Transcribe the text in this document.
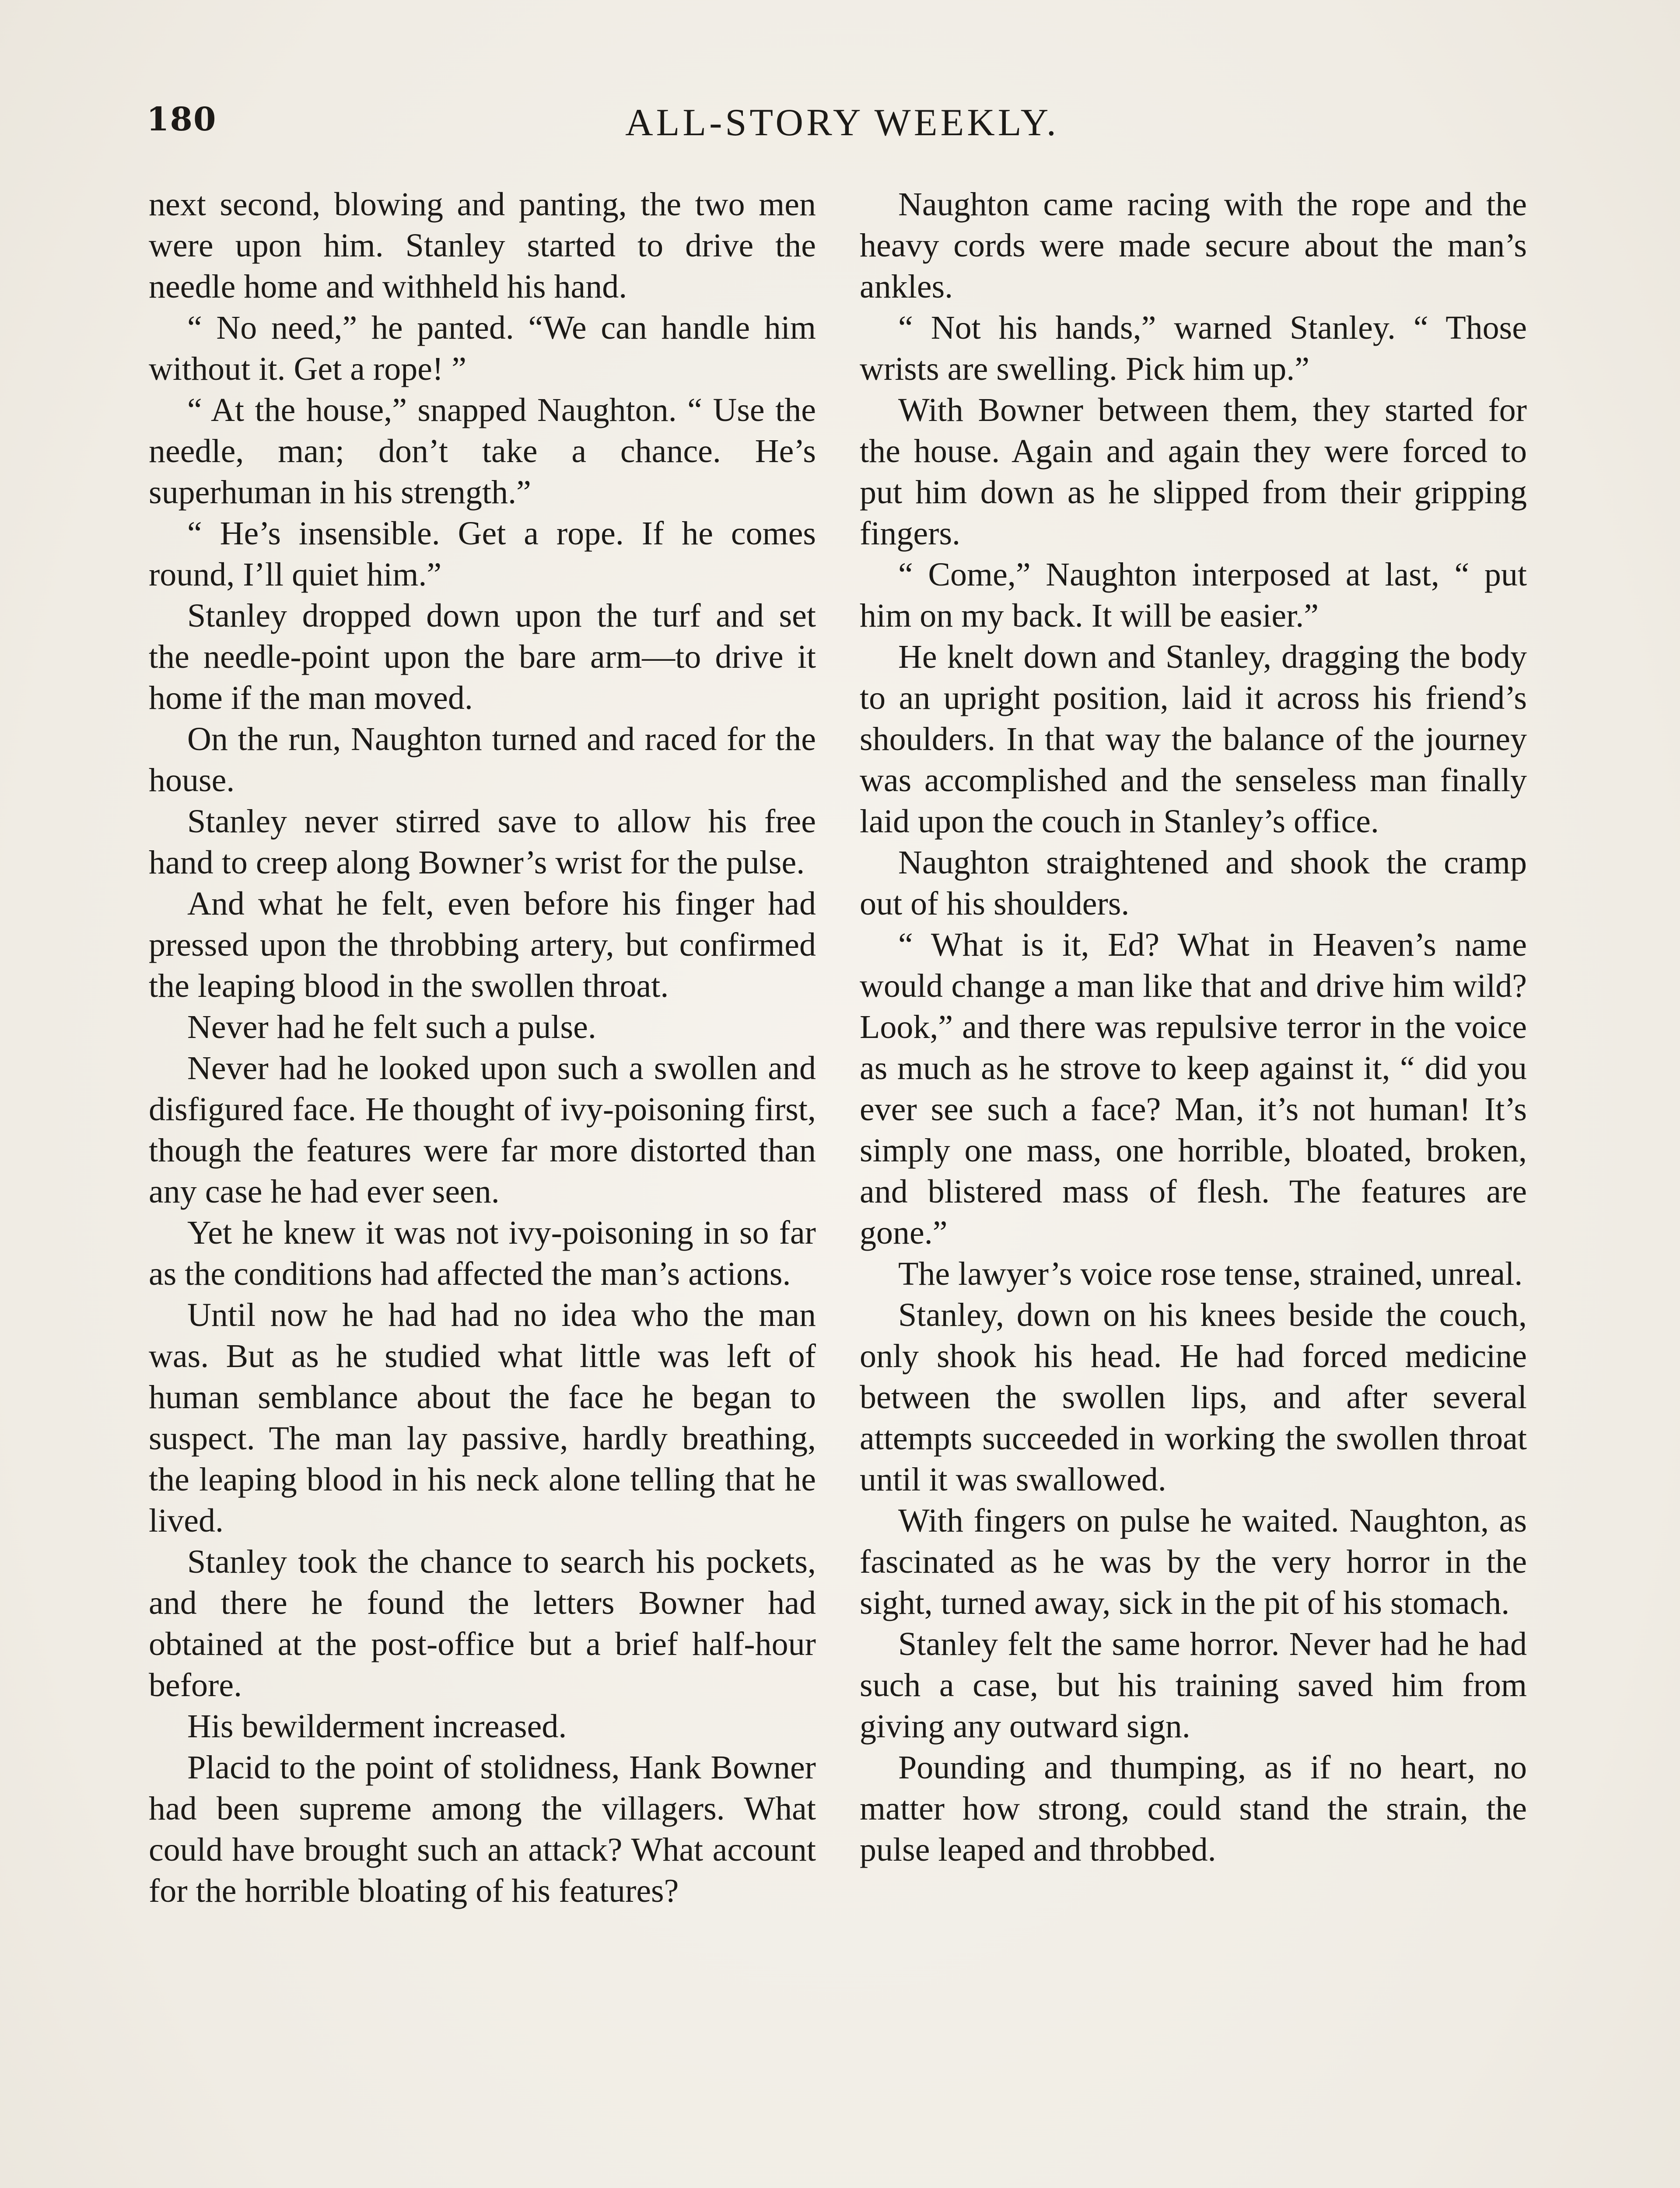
180	ALL-STORY WEEKLY.

next second, blowing and panting, the two men were upon him. Stanley started to drive the needle home and withheld his hand.

“ No need,” he panted. “We can handle him without it. Get a rope! ”

“ At the house,” snapped Naughton. “ Use the needle, man; don’t take a chance. He’s superhuman in his strength.”

“ He’s insensible. Get a rope. If he comes round, I’ll quiet him.”

Stanley dropped down upon the turf and set the needle-point upon the bare arm—to drive it home if the man moved.

On the run, Naughton turned and raced for the house.

Stanley never stirred save to allow his free hand to creep along Bowner’s wrist for the pulse.

And what he felt, even before his finger had pressed upon the throbbing artery, but confirmed the leaping blood in the swollen throat.

Never had he felt such a pulse.

Never had he looked upon such a swollen and disfigured face. He thought of ivy-poisoning first, though the features were far more distorted than any case he had ever seen.

Yet he knew it was not ivy-poisoning in so far as the conditions had affected the man’s actions.

Until now he had had no idea who the man was. But as he studied what little was left of human semblance about the face he began to suspect. The man lay passive, hardly breathing, the leaping blood in his neck alone telling that he lived.

Stanley took the chance to search his pockets, and there he found the letters Bowner had obtained at the post-office but a brief half-hour before.

His bewilderment increased.

Placid to the point of stolidness, Hank Bowner had been supreme among the villagers. What could have brought such an attack? What account for the horrible bloating of his features?

Naughton came racing with the rope and the heavy cords were made secure about the man’s ankles.

“ Not his hands,” warned Stanley. “ Those wrists are swelling. Pick him up.”

With Bowner between them, they started for the house. Again and again they were forced to put him down as he slipped from their gripping fingers.

“ Come,” Naughton interposed at last, “ put him on my back. It will be easier.”

He knelt down and Stanley, dragging the body to an upright position, laid it across his friend’s shoulders. In that way the balance of the journey was accomplished and the senseless man finally laid upon the couch in Stanley’s office.

Naughton straightened and shook the cramp out of his shoulders.

“ What is it, Ed? What in Heaven’s name would change a man like that and drive him wild? Look,” and there was repulsive terror in the voice as much as he strove to keep against it, “ did you ever see such a face? Man, it’s not human! It’s simply one mass, one horrible, bloated, broken, and blistered mass of flesh. The features are gone.”

The lawyer’s voice rose tense, strained, unreal.

Stanley, down on his knees beside the couch, only shook his head. He had forced medicine between the swollen lips, and after several attempts succeeded in working the swollen throat until it was swallowed.

With fingers on pulse he waited. Naughton, as fascinated as he was by the very horror in the sight, turned away, sick in the pit of his stomach.

Stanley felt the same horror. Never had he had such a case, but his training saved him from giving any outward sign.

Pounding and thumping, as if no heart, no matter how strong, could stand the strain, the pulse leaped and throbbed.
